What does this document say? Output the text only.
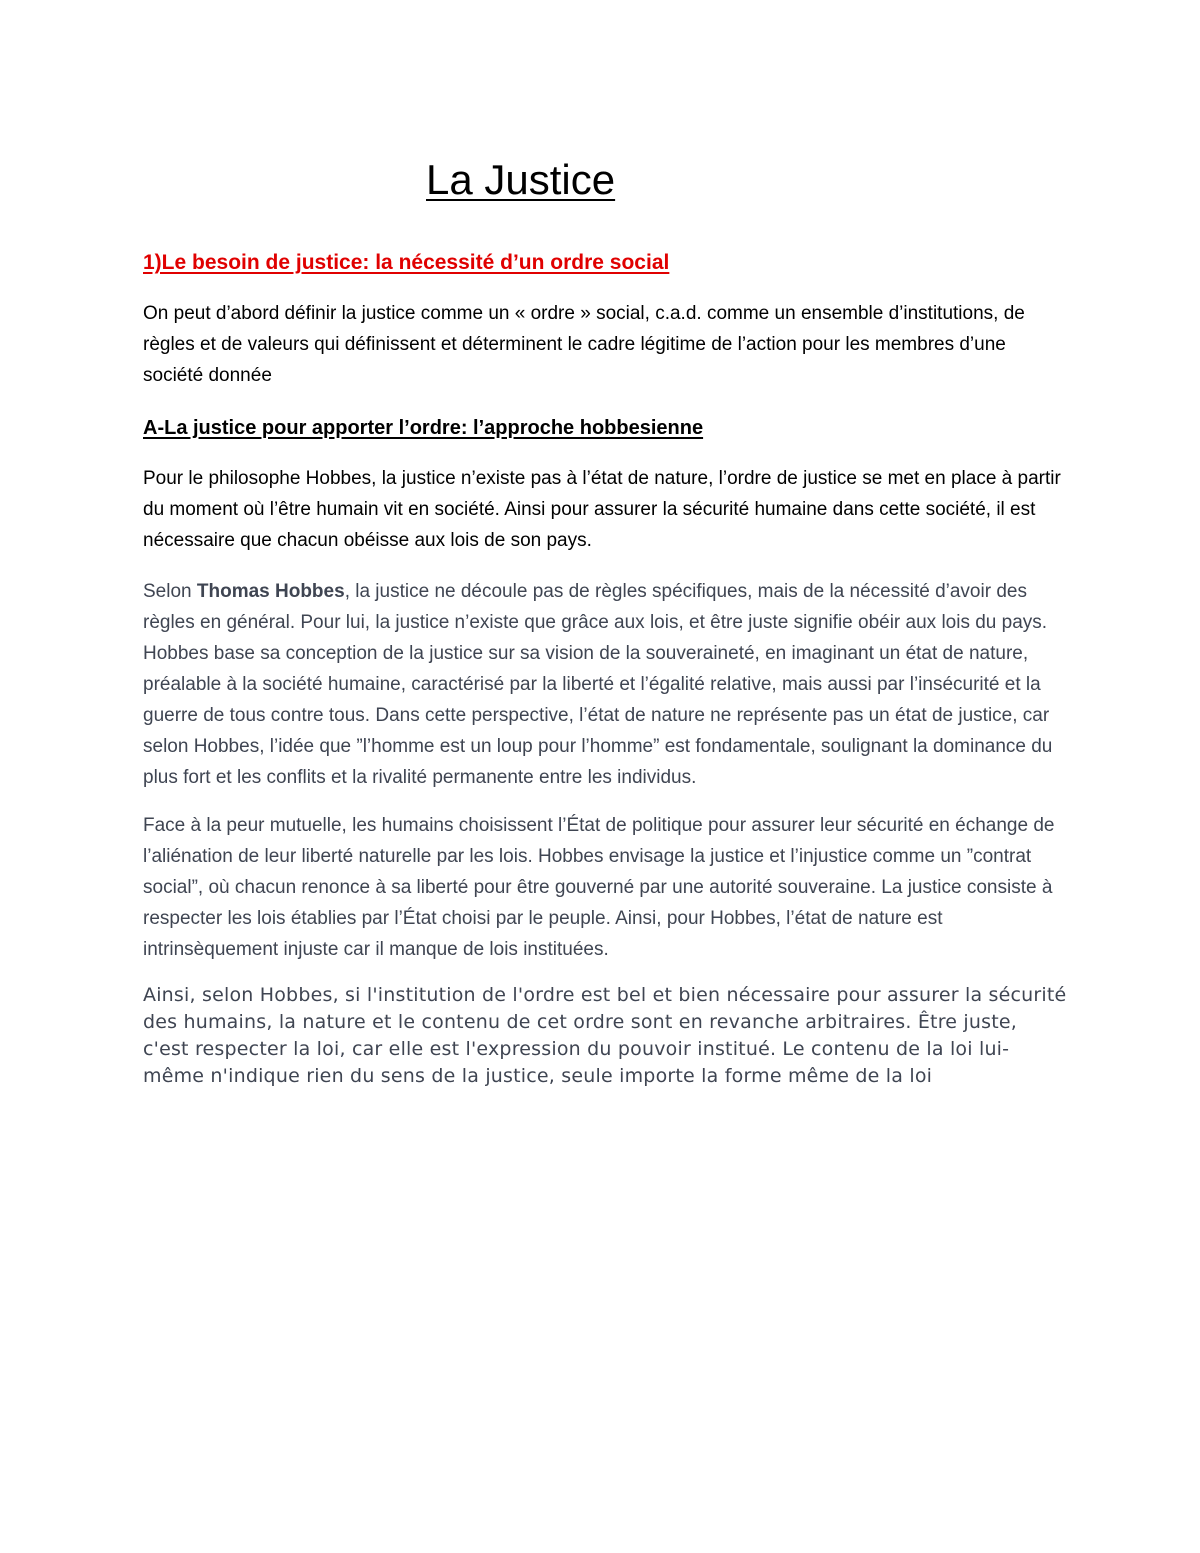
La Justice
1)Le besoin de justice: la nécessité d’un ordre social

On peut d’abord définir la justice comme un « ordre » social, c.a.d. comme un ensemble d’institutions, de règles et de valeurs qui définissent et déterminent le cadre légitime de l’action pour les membres d’une société donnée

A-La justice pour apporter l’ordre: l’approche hobbesienne

Pour le philosophe Hobbes, la justice n’existe pas à l’état de nature, l’ordre de justice se met en place à partir du moment où l’être humain vit en société. Ainsi pour assurer la sécurité humaine dans cette société, il est nécessaire que chacun obéisse aux lois de son pays.

Selon Thomas Hobbes, la justice ne découle pas de règles spécifiques, mais de la nécessité d’avoir des règles en général. Pour lui, la justice n’existe que grâce aux lois, et être juste signifie obéir aux lois du pays. Hobbes base sa conception de la justice sur sa vision de la souveraineté, en imaginant un état de nature, préalable à la société humaine, caractérisé par la liberté et l’égalité relative, mais aussi par l’insécurité et la guerre de tous contre tous. Dans cette perspective, l’état de nature ne représente pas un état de justice, car selon Hobbes, l’idée que ”l’homme est un loup pour l’homme” est fondamentale, soulignant la dominance du plus fort et les conflits et la rivalité permanente entre les individus.

Face à la peur mutuelle, les humains choisissent l’État de politique pour assurer leur sécurité en échange de l’aliénation de leur liberté naturelle par les lois. Hobbes envisage la justice et l’injustice comme un ”contrat social”, où chacun renonce à sa liberté pour être gouverné par une autorité souveraine. La justice consiste à respecter les lois établies par l’État choisi par le peuple. Ainsi, pour Hobbes, l’état de nature est intrinsèquement injuste car il manque de lois instituées.

Ainsi, selon Hobbes, si l'institution de l'ordre est bel et bien nécessaire pour assurer la sécurité des humains, la nature et le contenu de cet ordre sont en revanche arbitraires. Être juste, c'est respecter la loi, car elle est l'expression du pouvoir institué. Le contenu de la loi lui-même n'indique rien du sens de la justice, seule importe la forme même de la loi
